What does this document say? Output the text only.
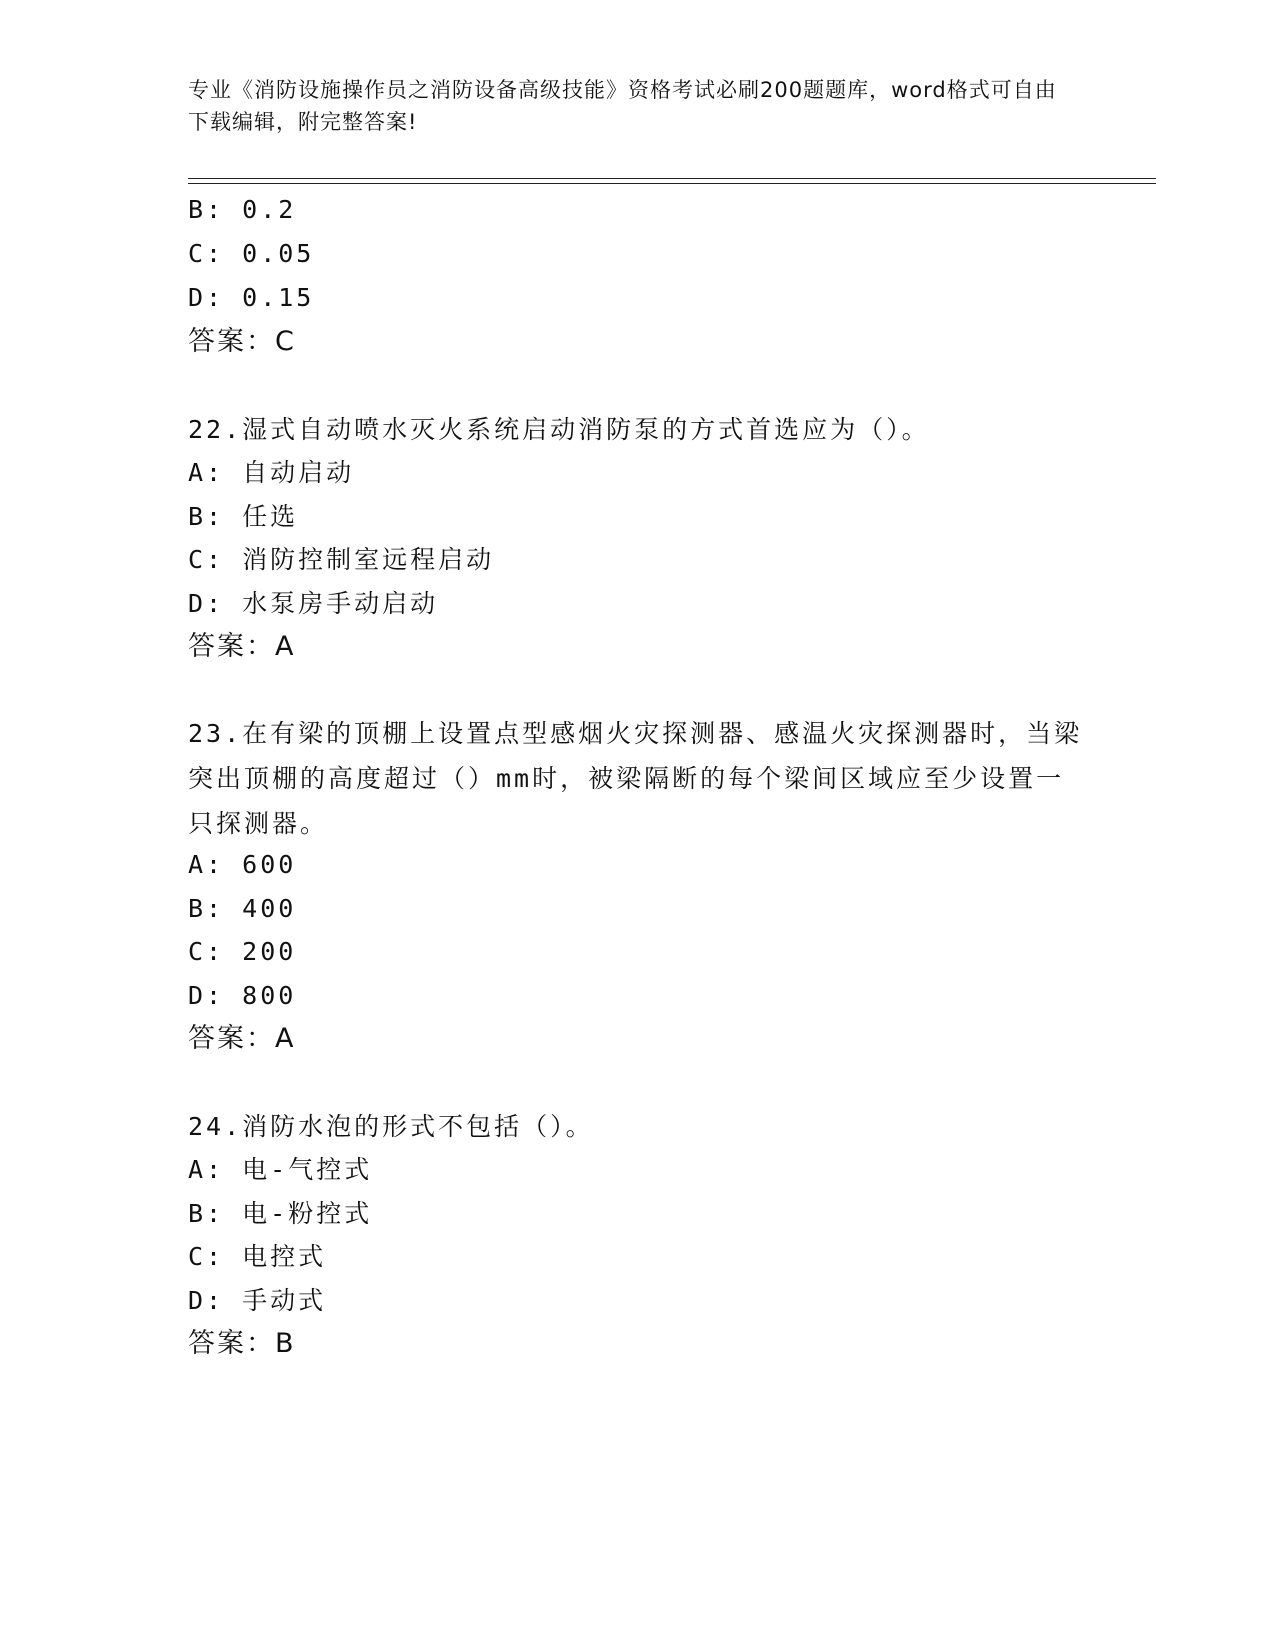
专业《消防设施操作员之消防设备高级技能》资格考试必刷200题题库，word格式可自由下载编辑，附完整答案!
B: 0.2
C: 0.05
D: 0.15
答案：C
22.湿式自动喷水灭火系统启动消防泵的方式首选应为（）。
A: 自动启动
B: 任选
C: 消防控制室远程启动
D: 水泵房手动启动
答案：A
23.在有梁的顶棚上设置点型感烟火灾探测器、感温火灾探测器时，当梁突出顶棚的高度超过（）mm时，被梁隔断的每个梁间区域应至少设置一只探测器。
A: 600
B: 400
C: 200
D: 800
答案：A
24.消防水泡的形式不包括（）。
A: 电-气控式
B: 电-粉控式
C: 电控式
D: 手动式
答案：B
